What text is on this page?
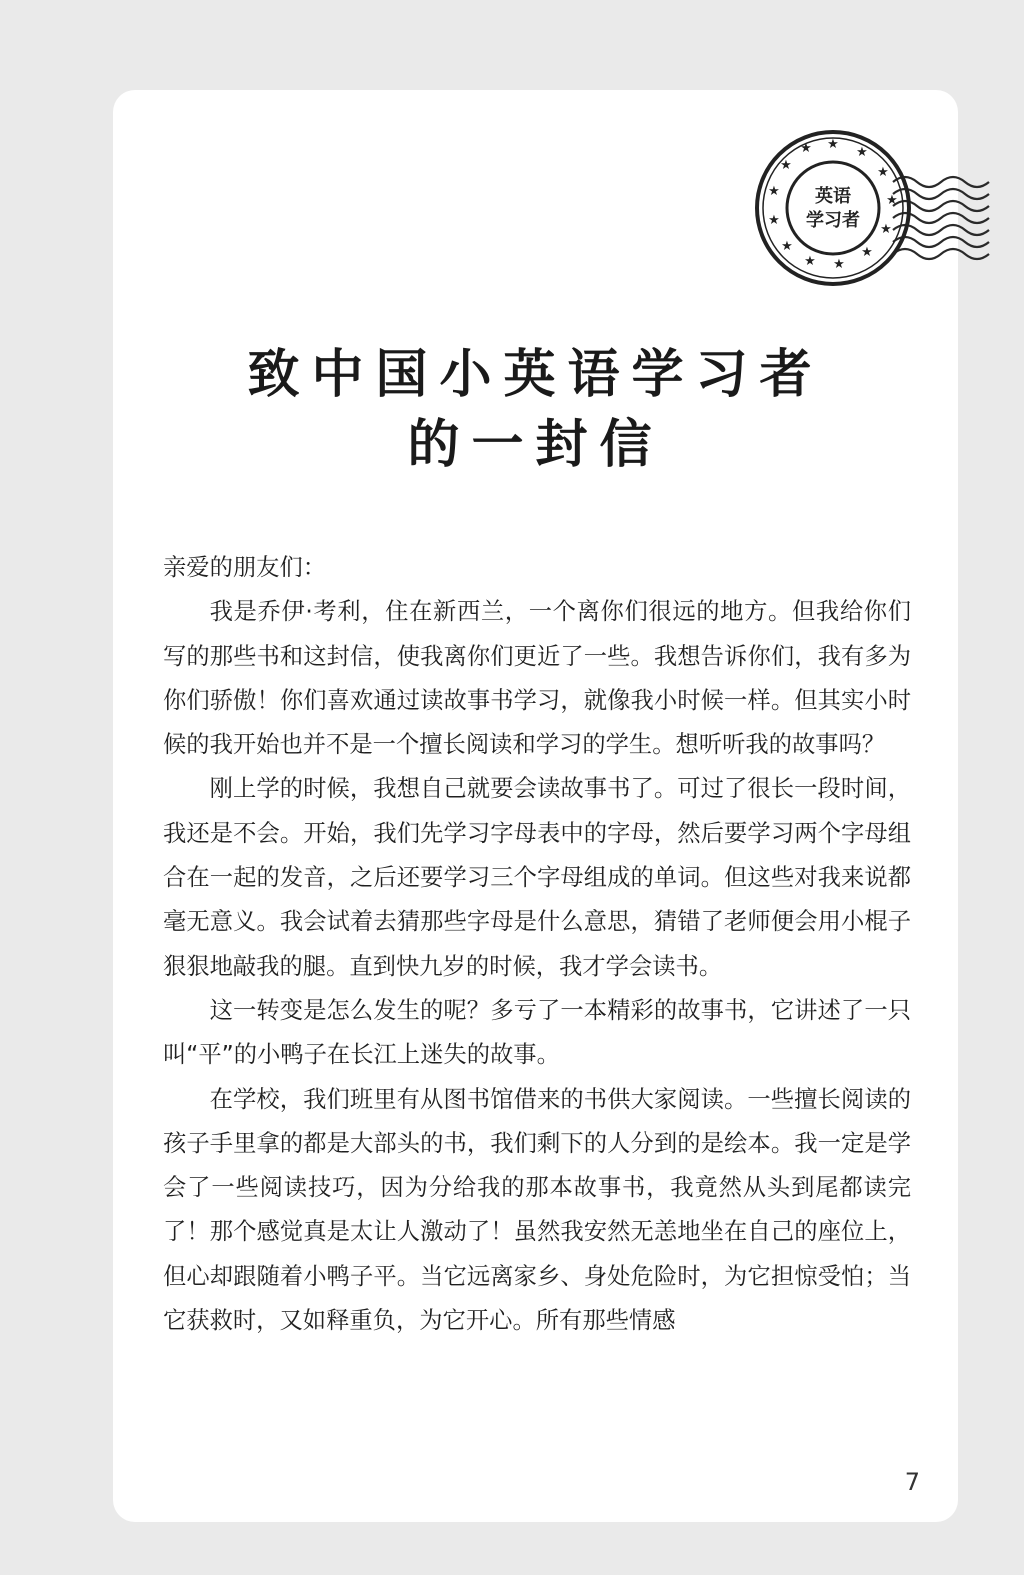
★
★
★
★
★
★
★
★
★
★
★
★
★
英语
学习者
致中国小英语学习者
的一封信

亲爱的朋友们：

我是乔伊·考利，住在新西兰，一个离你们很远的地方。但我给你们写的那些书和这封信，使我离你们更近了一些。我想告诉你们，我有多为你们骄傲！你们喜欢通过读故事书学习，就像我小时候一样。但其实小时候的我开始也并不是一个擅长阅读和学习的学生。想听听我的故事吗？

刚上学的时候，我想自己就要会读故事书了。可过了很长一段时间，我还是不会。开始，我们先学习字母表中的字母，然后要学习两个字母组合在一起的发音，之后还要学习三个字母组成的单词。但这些对我来说都毫无意义。我会试着去猜那些字母是什么意思，猜错了老师便会用小棍子狠狠地敲我的腿。直到快九岁的时候，我才学会读书。

这一转变是怎么发生的呢？多亏了一本精彩的故事书，它讲述了一只叫“平”的小鸭子在长江上迷失的故事。

在学校，我们班里有从图书馆借来的书供大家阅读。一些擅长阅读的孩子手里拿的都是大部头的书，我们剩下的人分到的是绘本。我一定是学会了一些阅读技巧，因为分给我的那本故事书，我竟然从头到尾都读完了！那个感觉真是太让人激动了！虽然我安然无恙地坐在自己的座位上，但心却跟随着小鸭子平。当它远离家乡、身处危险时，为它担惊受怕；当它获救时，又如释重负，为它开心。所有那些情感

7
